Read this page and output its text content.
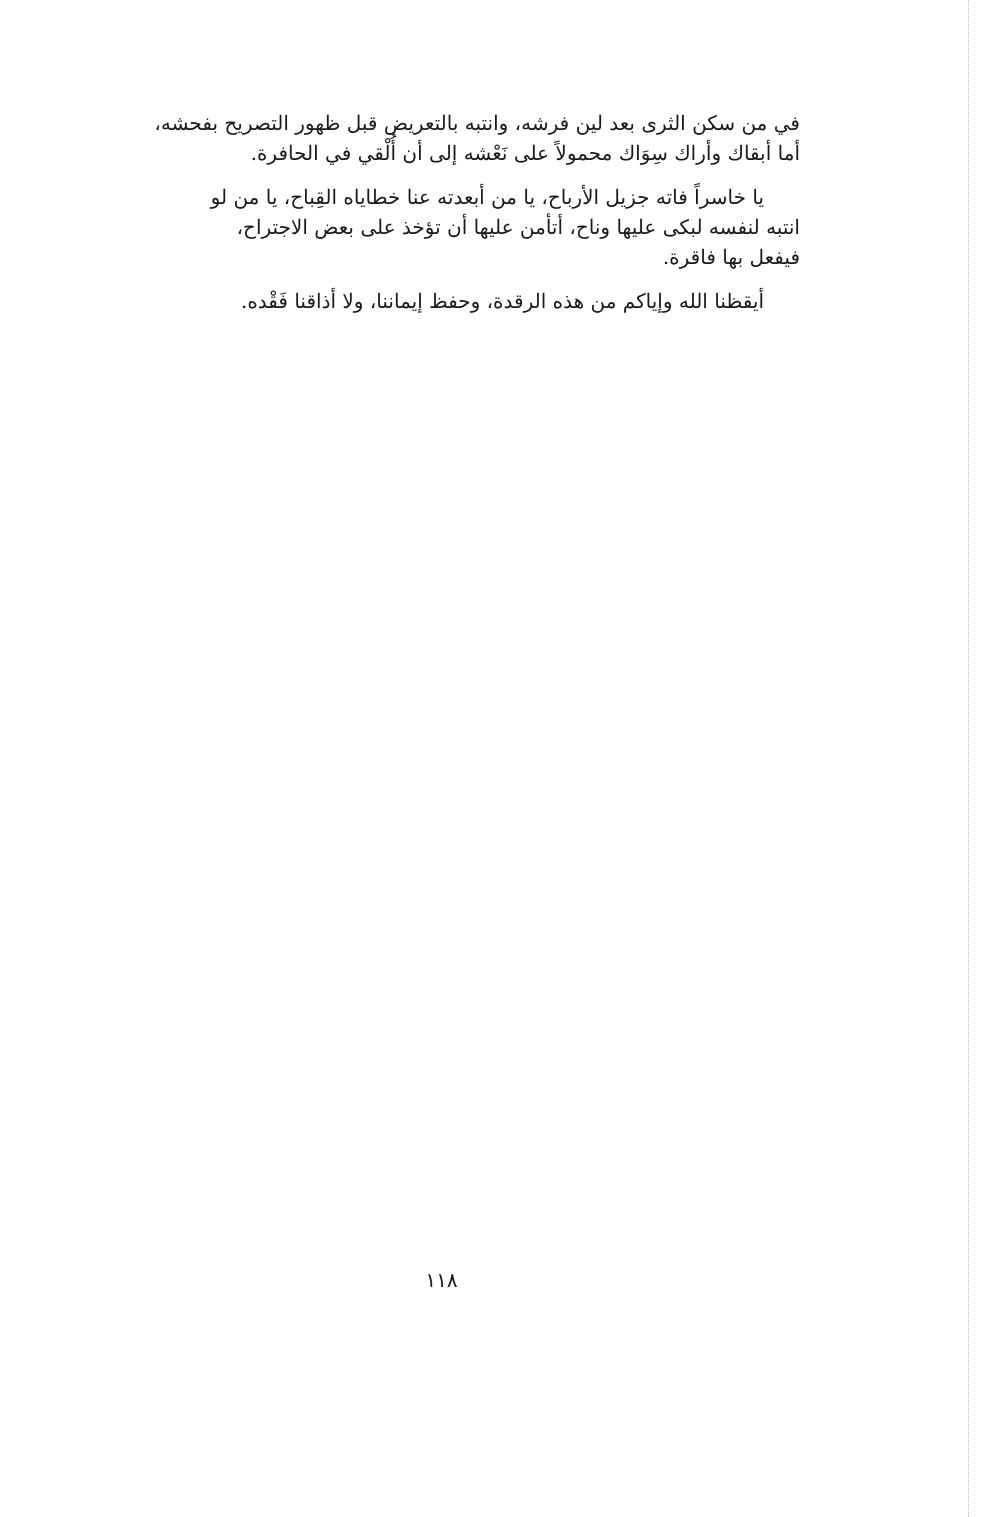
في من سكن الثرى بعد لين فرشه، وانتبه بالتعريض قبل ظهور التصريح بفحشه،
أما أبقاك وأراك سِوَاك محمولاً على نَعْشه إلى أن أُلْقي في الحافرة.

يا خاسراً فاته جزيل الأرباح، يا من أبعدته عنا خطاياه القِباح، يا من لو
انتبه لنفسه لبكى عليها وناح، أتأمن عليها أن تؤخذ على بعض الاجتراح،
فيفعل بها فاقرة.

أيقظنا الله وإياكم من هذه الرقدة، وحفظ إيماننا، ولا أذاقنا فَقْده.

١١٨
